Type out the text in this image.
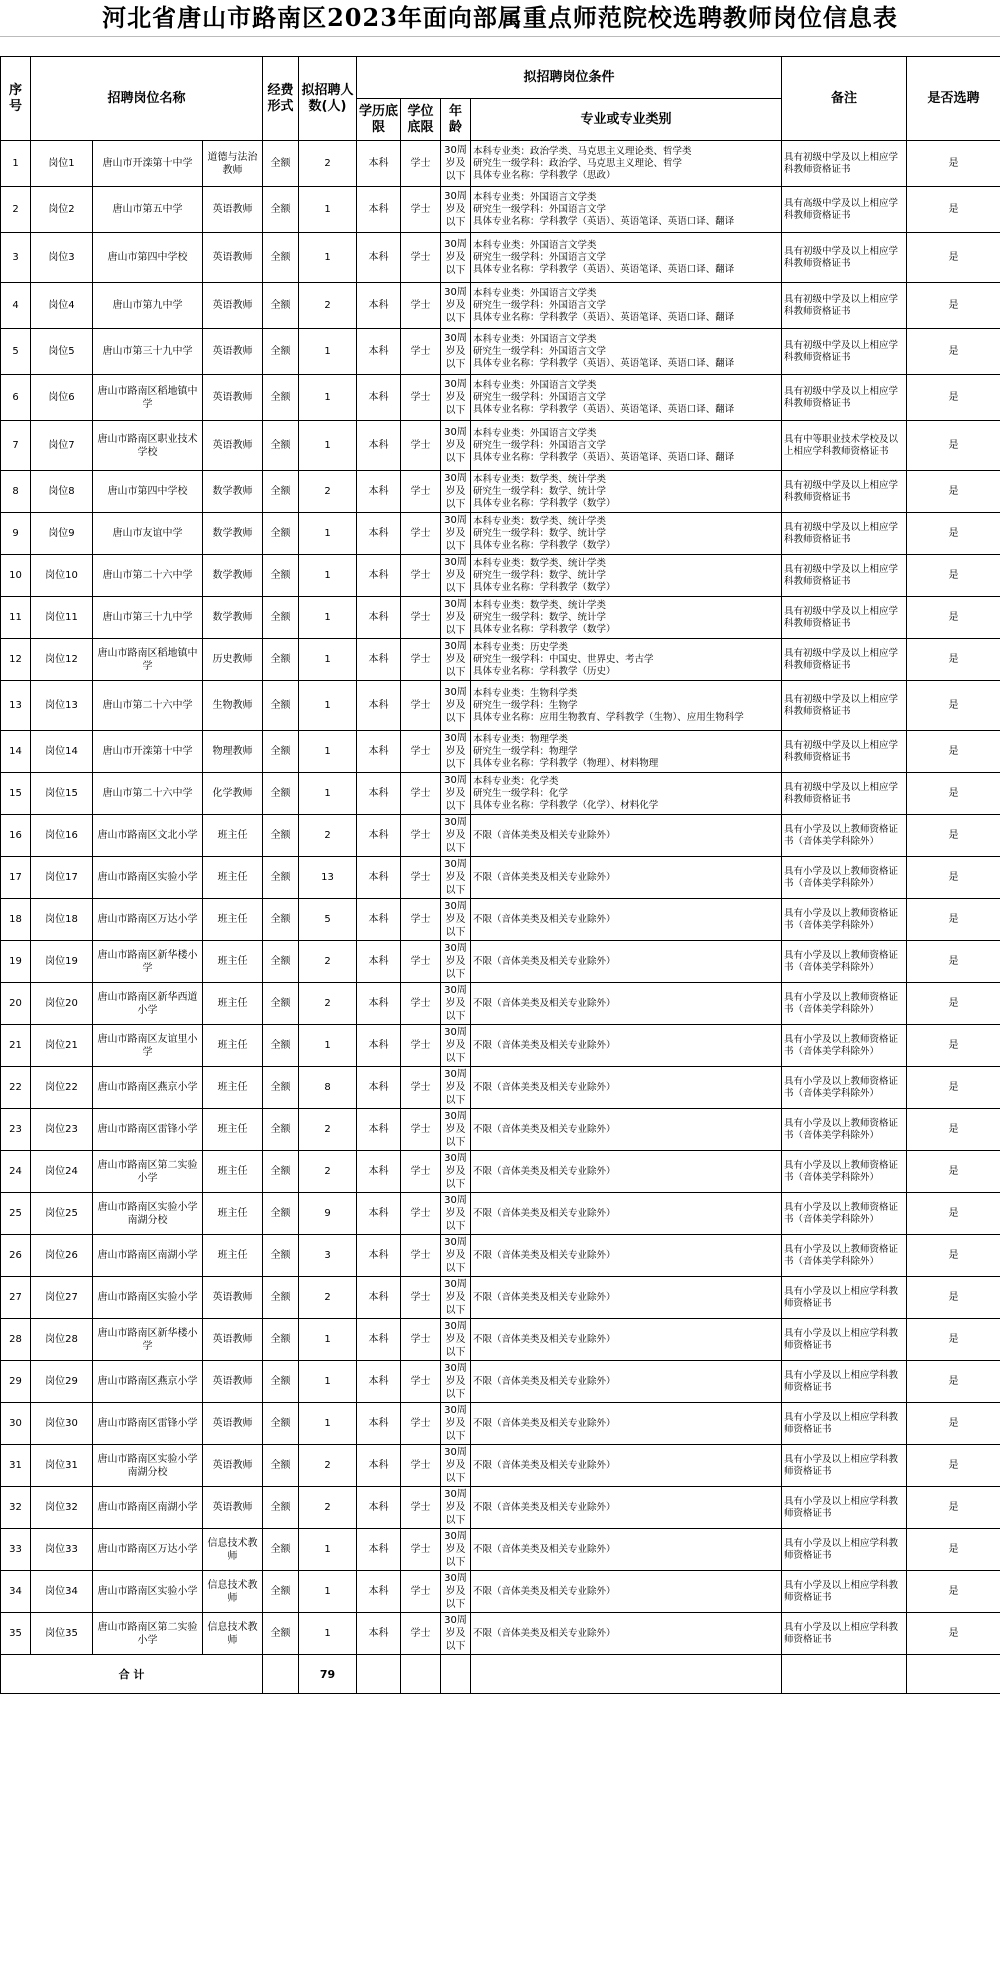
河北省唐山市路南区2023年面向部属重点师范院校选聘教师岗位信息表
序号	招聘岗位名称			经费形式	拟招聘人数(人)	拟招聘岗位条件				备注	是否选聘
						学历底限	学位底限	年龄	专业或专业类别		
1	岗位1	唐山市开滦第十中学	道德与法治教师	全额	2	本科	学士	30周岁及以下	本科专业类：政治学类、马克思主义理论类、哲学类
研究生一级学科：政治学、马克思主义理论、哲学
具体专业名称：学科教学（思政）	具有初级中学及以上相应学科教师资格证书	是
2	岗位2	唐山市第五中学	英语教师	全额	1	本科	学士	30周岁及以下	本科专业类：外国语言文学类
研究生一级学科：外国语言文学
具体专业名称：学科教学（英语）、英语笔译、英语口译、翻译	具有高级中学及以上相应学科教师资格证书	是
3	岗位3	唐山市第四中学校	英语教师	全额	1	本科	学士	30周岁及以下	本科专业类：外国语言文学类
研究生一级学科：外国语言文学
具体专业名称：学科教学（英语）、英语笔译、英语口译、翻译	具有初级中学及以上相应学科教师资格证书	是
4	岗位4	唐山市第九中学	英语教师	全额	2	本科	学士	30周岁及以下	本科专业类：外国语言文学类
研究生一级学科：外国语言文学
具体专业名称：学科教学（英语）、英语笔译、英语口译、翻译	具有初级中学及以上相应学科教师资格证书	是
5	岗位5	唐山市第三十九中学	英语教师	全额	1	本科	学士	30周岁及以下	本科专业类：外国语言文学类
研究生一级学科：外国语言文学
具体专业名称：学科教学（英语）、英语笔译、英语口译、翻译	具有初级中学及以上相应学科教师资格证书	是
6	岗位6	唐山市路南区稻地镇中学	英语教师	全额	1	本科	学士	30周岁及以下	本科专业类：外国语言文学类
研究生一级学科：外国语言文学
具体专业名称：学科教学（英语）、英语笔译、英语口译、翻译	具有初级中学及以上相应学科教师资格证书	是
7	岗位7	唐山市路南区职业技术学校	英语教师	全额	1	本科	学士	30周岁及以下	本科专业类：外国语言文学类
研究生一级学科：外国语言文学
具体专业名称：学科教学（英语）、英语笔译、英语口译、翻译	具有中等职业技术学校及以上相应学科教师资格证书	是
8	岗位8	唐山市第四中学校	数学教师	全额	2	本科	学士	30周岁及以下	本科专业类：数学类、统计学类
研究生一级学科：数学、统计学
具体专业名称：学科教学（数学）	具有初级中学及以上相应学科教师资格证书	是
9	岗位9	唐山市友谊中学	数学教师	全额	1	本科	学士	30周岁及以下	本科专业类：数学类、统计学类
研究生一级学科：数学、统计学
具体专业名称：学科教学（数学）	具有初级中学及以上相应学科教师资格证书	是
10	岗位10	唐山市第二十六中学	数学教师	全额	1	本科	学士	30周岁及以下	本科专业类：数学类、统计学类
研究生一级学科：数学、统计学
具体专业名称：学科教学（数学）	具有初级中学及以上相应学科教师资格证书	是
11	岗位11	唐山市第三十九中学	数学教师	全额	1	本科	学士	30周岁及以下	本科专业类：数学类、统计学类
研究生一级学科：数学、统计学
具体专业名称：学科教学（数学）	具有初级中学及以上相应学科教师资格证书	是
12	岗位12	唐山市路南区稻地镇中学	历史教师	全额	1	本科	学士	30周岁及以下	本科专业类：历史学类
研究生一级学科：中国史、世界史、考古学
具体专业名称：学科教学（历史）	具有初级中学及以上相应学科教师资格证书	是
13	岗位13	唐山市第二十六中学	生物教师	全额	1	本科	学士	30周岁及以下	本科专业类：生物科学类
研究生一级学科：生物学
具体专业名称：应用生物教育、学科教学（生物）、应用生物科学	具有初级中学及以上相应学科教师资格证书	是
14	岗位14	唐山市开滦第十中学	物理教师	全额	1	本科	学士	30周岁及以下	本科专业类：物理学类
研究生一级学科：物理学
具体专业名称：学科教学（物理）、材料物理	具有初级中学及以上相应学科教师资格证书	是
15	岗位15	唐山市第二十六中学	化学教师	全额	1	本科	学士	30周岁及以下	本科专业类：化学类
研究生一级学科：化学
具体专业名称：学科教学（化学）、材料化学	具有初级中学及以上相应学科教师资格证书	是
16	岗位16	唐山市路南区文北小学	班主任	全额	2	本科	学士	30周岁及以下	不限（音体美类及相关专业除外）	具有小学及以上教师资格证书（音体美学科除外）	是
17	岗位17	唐山市路南区实验小学	班主任	全额	13	本科	学士	30周岁及以下	不限（音体美类及相关专业除外）	具有小学及以上教师资格证书（音体美学科除外）	是
18	岗位18	唐山市路南区万达小学	班主任	全额	5	本科	学士	30周岁及以下	不限（音体美类及相关专业除外）	具有小学及以上教师资格证书（音体美学科除外）	是
19	岗位19	唐山市路南区新华楼小学	班主任	全额	2	本科	学士	30周岁及以下	不限（音体美类及相关专业除外）	具有小学及以上教师资格证书（音体美学科除外）	是
20	岗位20	唐山市路南区新华西道小学	班主任	全额	2	本科	学士	30周岁及以下	不限（音体美类及相关专业除外）	具有小学及以上教师资格证书（音体美学科除外）	是
21	岗位21	唐山市路南区友谊里小学	班主任	全额	1	本科	学士	30周岁及以下	不限（音体美类及相关专业除外）	具有小学及以上教师资格证书（音体美学科除外）	是
22	岗位22	唐山市路南区燕京小学	班主任	全额	8	本科	学士	30周岁及以下	不限（音体美类及相关专业除外）	具有小学及以上教师资格证书（音体美学科除外）	是
23	岗位23	唐山市路南区雷锋小学	班主任	全额	2	本科	学士	30周岁及以下	不限（音体美类及相关专业除外）	具有小学及以上教师资格证书（音体美学科除外）	是
24	岗位24	唐山市路南区第二实验小学	班主任	全额	2	本科	学士	30周岁及以下	不限（音体美类及相关专业除外）	具有小学及以上教师资格证书（音体美学科除外）	是
25	岗位25	唐山市路南区实验小学南湖分校	班主任	全额	9	本科	学士	30周岁及以下	不限（音体美类及相关专业除外）	具有小学及以上教师资格证书（音体美学科除外）	是
26	岗位26	唐山市路南区南湖小学	班主任	全额	3	本科	学士	30周岁及以下	不限（音体美类及相关专业除外）	具有小学及以上教师资格证书（音体美学科除外）	是
27	岗位27	唐山市路南区实验小学	英语教师	全额	2	本科	学士	30周岁及以下	不限（音体美类及相关专业除外）	具有小学及以上相应学科教师资格证书	是
28	岗位28	唐山市路南区新华楼小学	英语教师	全额	1	本科	学士	30周岁及以下	不限（音体美类及相关专业除外）	具有小学及以上相应学科教师资格证书	是
29	岗位29	唐山市路南区燕京小学	英语教师	全额	1	本科	学士	30周岁及以下	不限（音体美类及相关专业除外）	具有小学及以上相应学科教师资格证书	是
30	岗位30	唐山市路南区雷锋小学	英语教师	全额	1	本科	学士	30周岁及以下	不限（音体美类及相关专业除外）	具有小学及以上相应学科教师资格证书	是
31	岗位31	唐山市路南区实验小学南湖分校	英语教师	全额	2	本科	学士	30周岁及以下	不限（音体美类及相关专业除外）	具有小学及以上相应学科教师资格证书	是
32	岗位32	唐山市路南区南湖小学	英语教师	全额	2	本科	学士	30周岁及以下	不限（音体美类及相关专业除外）	具有小学及以上相应学科教师资格证书	是
33	岗位33	唐山市路南区万达小学	信息技术教师	全额	1	本科	学士	30周岁及以下	不限（音体美类及相关专业除外）	具有小学及以上相应学科教师资格证书	是
34	岗位34	唐山市路南区实验小学	信息技术教师	全额	1	本科	学士	30周岁及以下	不限（音体美类及相关专业除外）	具有小学及以上相应学科教师资格证书	是
35	岗位35	唐山市路南区第二实验小学	信息技术教师	全额	1	本科	学士	30周岁及以下	不限（音体美类及相关专业除外）	具有小学及以上相应学科教师资格证书	是
合 计					79						
